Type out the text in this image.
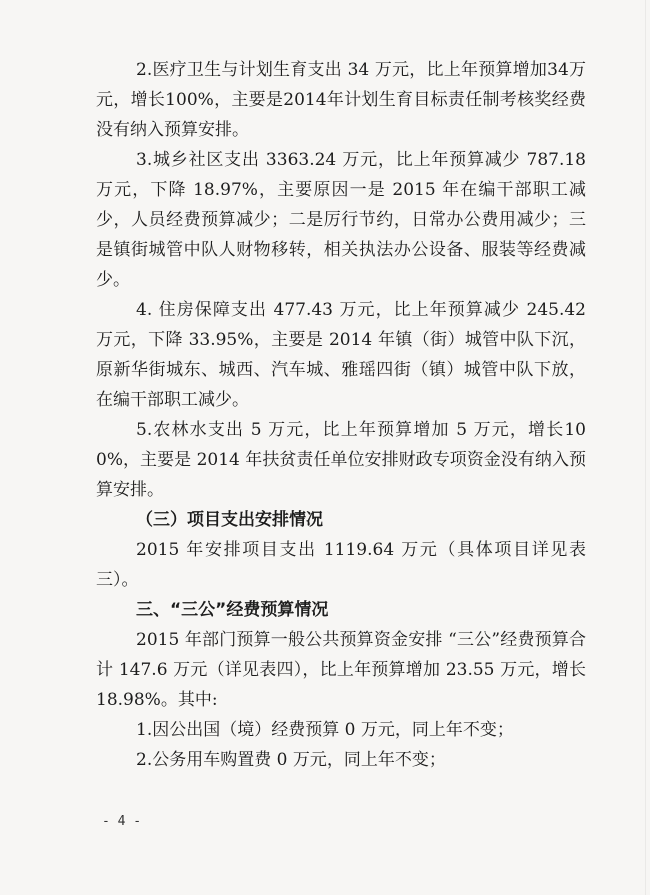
2.医疗卫生与计划生育支出 34 万元，比上年预算增加34万元，增长100%，主要是2014年计划生育目标责任制考核奖经费没有纳入预算安排。

3.城乡社区支出 3363.24 万元，比上年预算减少 787.18 万元，下降 18.97%，主要原因一是 2015 年在编干部职工减少，人员经费预算减少；二是厉行节约，日常办公费用减少；三是镇街城管中队人财物移转，相关执法办公设备、服装等经费减少。

4. 住房保障支出 477.43 万元，比上年预算减少 245.42 万元，下降 33.95%，主要是 2014 年镇（街）城管中队下沉，原新华街城东、城西、汽车城、雅瑶四街（镇）城管中队下放，在编干部职工减少。

5.农林水支出 5 万元，比上年预算增加 5 万元，增长100%，主要是 2014 年扶贫责任单位安排财政专项资金没有纳入预算安排。

（三）项目支出安排情况

2015 年安排项目支出 1119.64 万元（具体项目详见表三）。

三、“三公”经费预算情况

2015 年部门预算一般公共预算资金安排 “三公”经费预算合计 147.6 万元（详见表四），比上年预算增加 23.55 万元，增长 18.98%。其中:

1.因公出国（境）经费预算 0 万元，同上年不变；

2.公务用车购置费 0 万元，同上年不变；

- 4 -
